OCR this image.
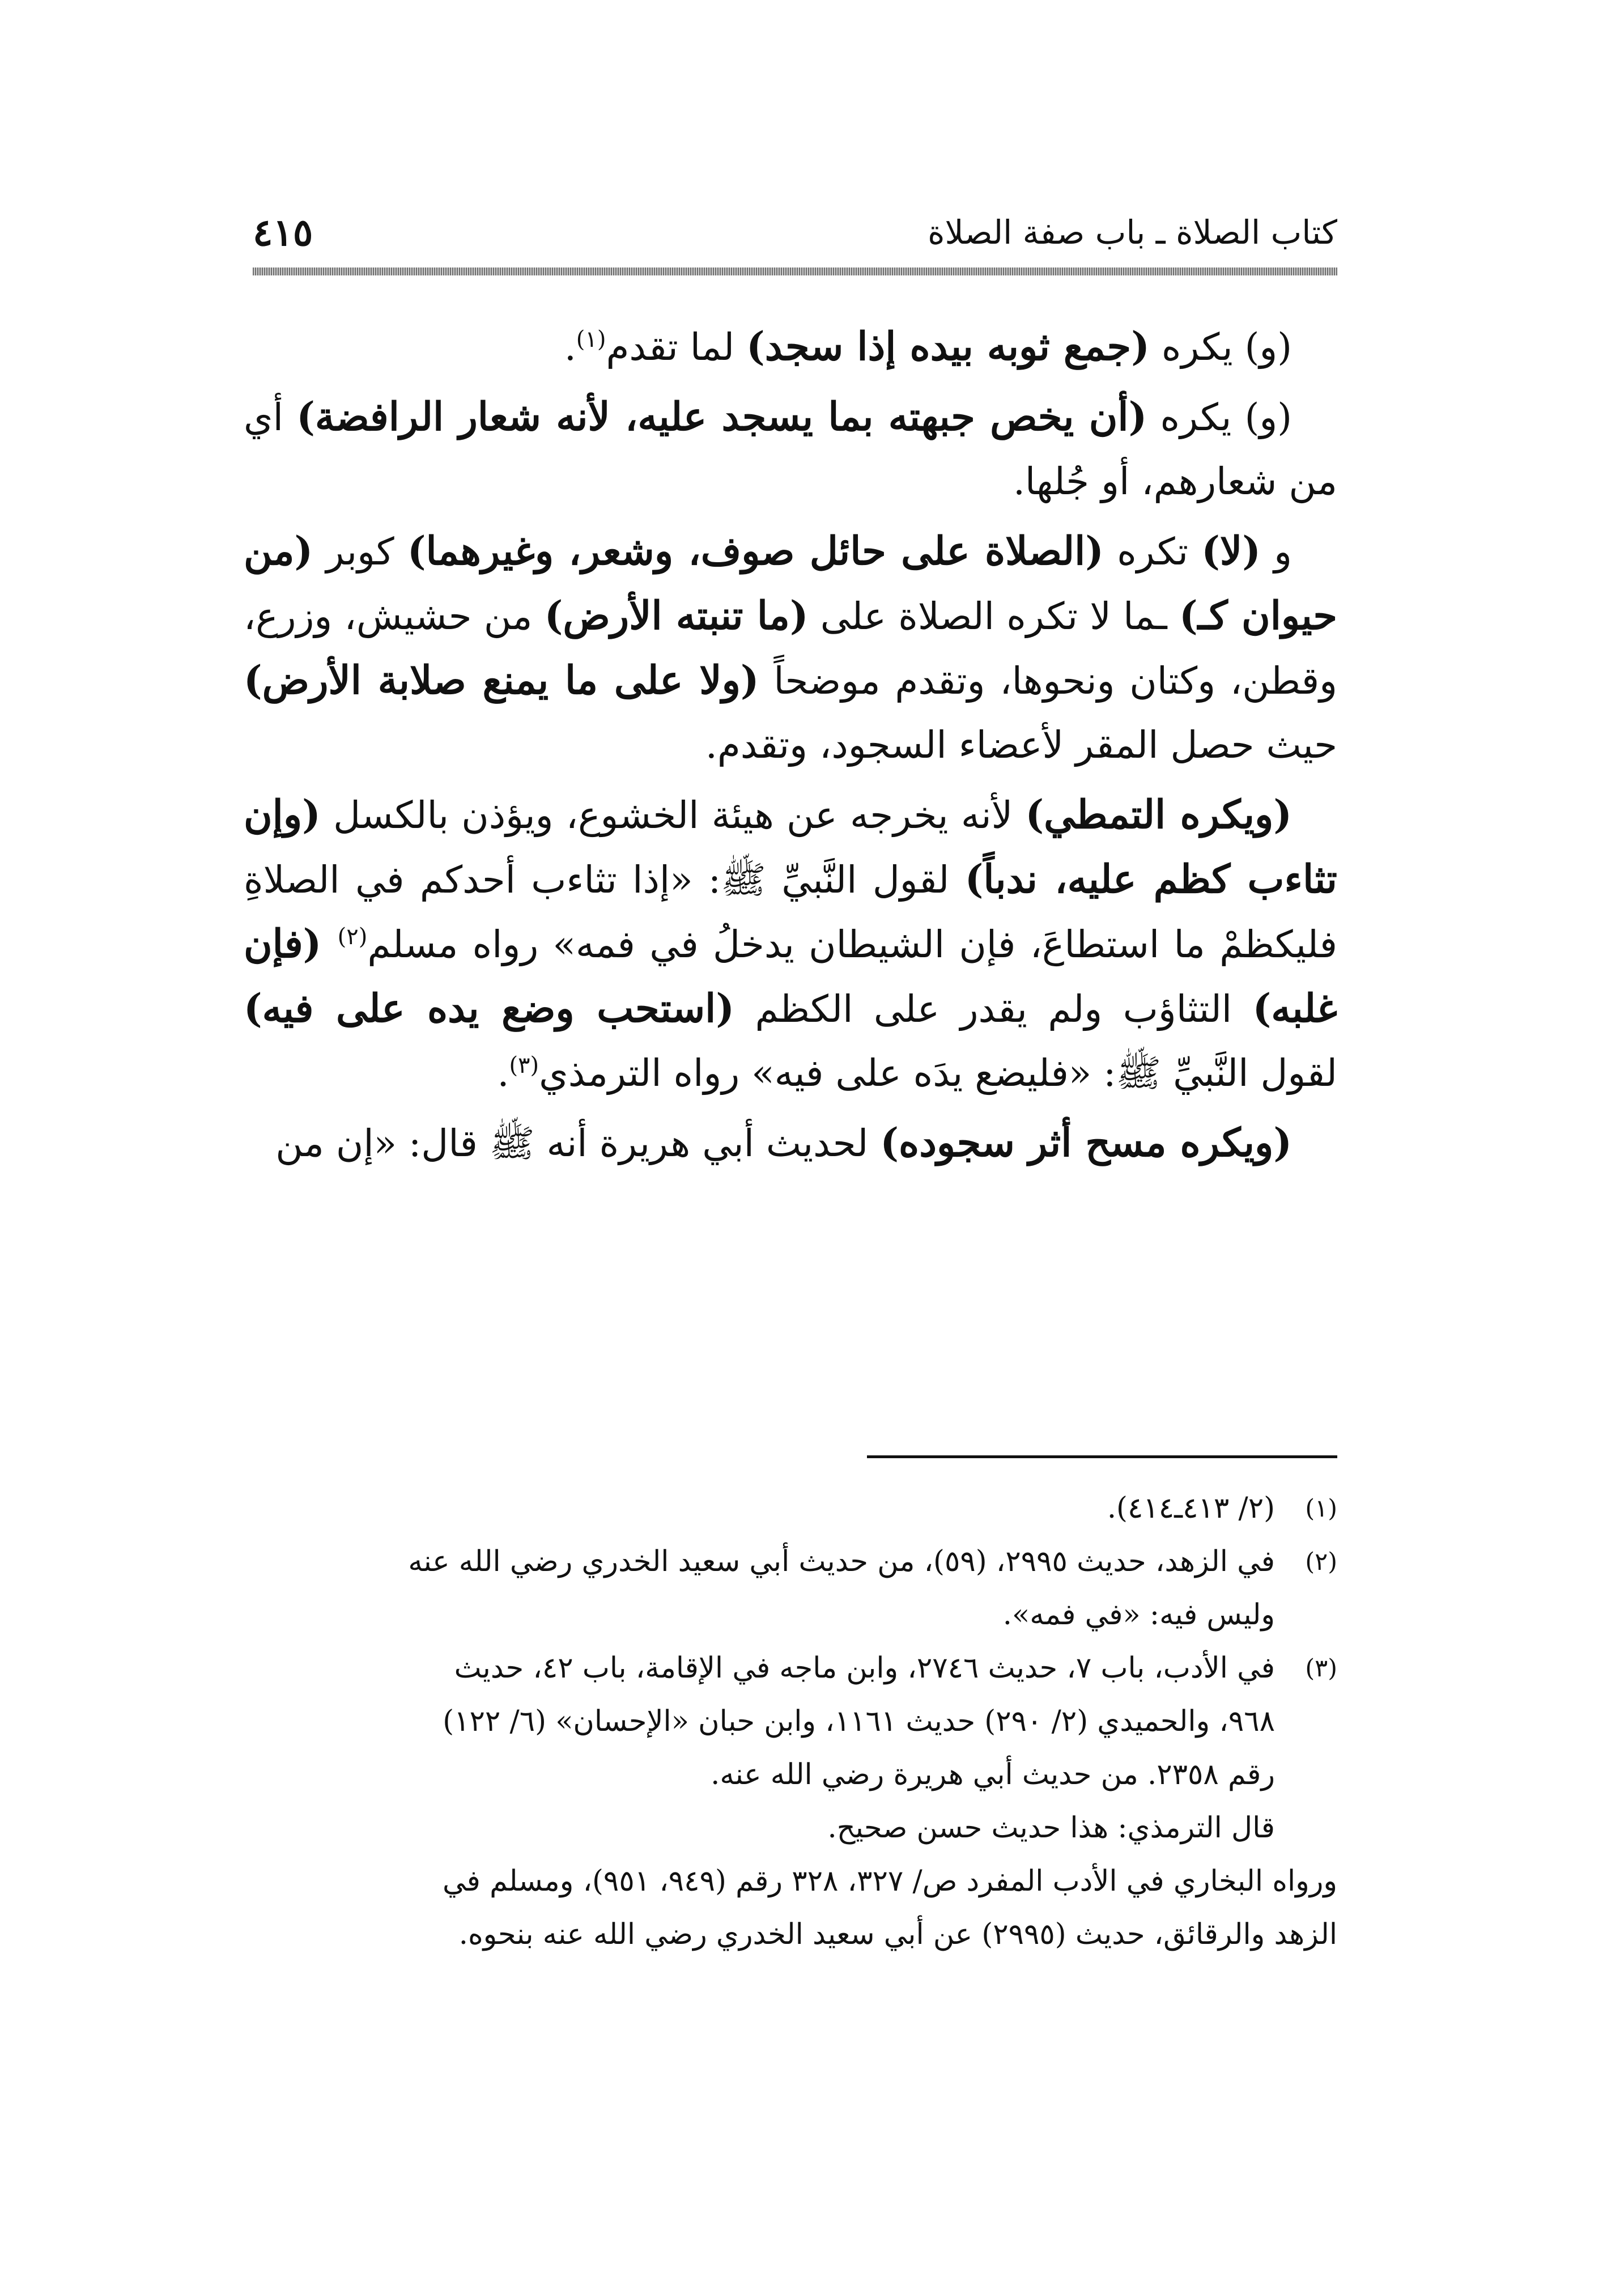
كتاب الصلاة ـ باب صفة الصلاة
٤١٥

(و) يكره (جمع ثوبه بيده إذا سجد) لما تقدم$^{(١)}$.

(و) يكره (أن يخص جبهته بما يسجد عليه، لأنه شعار الرافضة) أي من شعارهم، أو جُلها.

و (لا) تكره (الصلاة على حائل صوف، وشعر، وغيرهما) كوبر (من حيوان كـ) ـما لا تكره الصلاة على (ما تنبته الأرض) من حشيش، وزرع، وقطن، وكتان ونحوها، وتقدم موضحاً (ولا على ما يمنع صلابة الأرض) حيث حصل المقر لأعضاء السجود، وتقدم.

(ويكره التمطي) لأنه يخرجه عن هيئة الخشوع، ويؤذن بالكسل (وإن تثاءب كظم عليه، ندباً) لقول النَّبيِّ ﷺ: «إذا تثاءب أحدكم في الصلاةِ فليكظمْ ما استطاعَ، فإن الشيطان يدخلُ في فمه» رواه مسلم$^{(٢)}$ (فإن غلبه) التثاؤب ولم يقدر على الكظم (استحب وضع يده على فيه) لقول النَّبيِّ ﷺ: «فليضع يدَه على فيه» رواه الترمذي$^{(٣)}$.

(ويكره مسح أثر سجوده) لحديث أبي هريرة أنه ﷺ قال: «إن من

(١)
(٢/ ٤١٣ـ٤١٤).
(٢)
في الزهد، حديث ٢٩٩٥، (٥٩)، من حديث أبي سعيد الخدري رضي الله عنه
وليس فيه: «في فمه».
(٣)
في الأدب، باب ٧، حديث ٢٧٤٦، وابن ماجه في الإقامة، باب ٤٢، حديث
٩٦٨، والحميدي (٢/ ٢٩٠) حديث ١١٦١، وابن حبان «الإحسان» (٦/ ١٢٢)
رقم ٢٣٥٨. من حديث أبي هريرة رضي الله عنه.
قال الترمذي: هذا حديث حسن صحيح.
ورواه البخاري في الأدب المفرد ص/ ٣٢٧، ٣٢٨ رقم (٩٤٩، ٩٥١)، ومسلم في
الزهد والرقائق، حديث (٢٩٩٥) عن أبي سعيد الخدري رضي الله عنه بنحوه.
